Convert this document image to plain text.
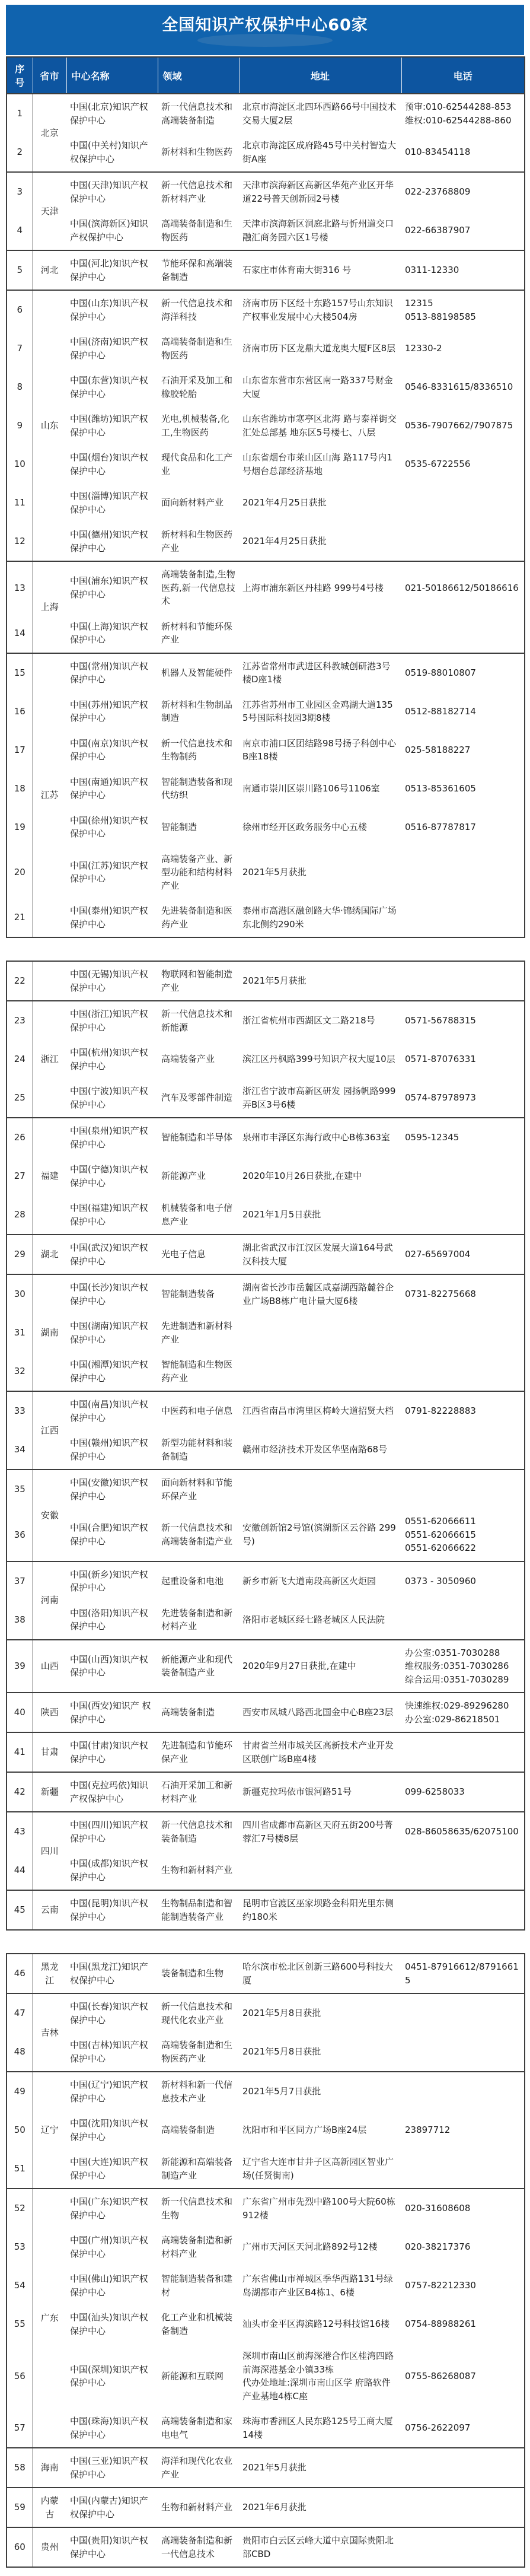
全国知识产权保护中心60家
序号	省市	中心名称	领域	地址	电话
1	北京	中国(北京)知识产权保护中心	新一代信息技术和高端装备制造	北京市海淀区北四环西路66号中国技术交易大厦2层	预审:010-62544288-853
维权:010-62544288-860

2		中国(中关村)知识产权保护中心	新材料和生物医药	北京市海淀区成府路45号中关村智造大街A座	010-83454118

3	天津	中国(天津)知识产权保护中心	新一代信息技术和新材料产业	天津市滨海新区高新区华苑产业区开华道22号普天创新园2号楼	022-23768809

4		中国(滨海新区)知识产权保护中心	高端装备制造和生物医药	天津市滨海新区洞庭北路与忻州道交口融汇商务园六区1号楼	022-66387907

5	河北	中国(河北)知识产权保护中心	节能环保和高端装备制造	石家庄市体育南大街316 号	0311-12330

6	山东	中国(山东)知识产权保护中心	新一代信息技术和海洋科技	济南市历下区经十东路157号山东知识产权事业发展中心大楼504房	12315
0513-88198585

7		中国(济南)知识产权保护中心	高端装备制造和生物医药	济南市历下区龙鼎大道龙奥大厦F区8层	12330-2

8		中国(东营)知识产权保护中心	石油开采及加工和橡胶轮胎	山东省东营市东营区南一路337号财金大厦	0546-8331615/8336510

9		中国(潍坊)知识产权保护中心	光电,机械装备,化工,生物医药	山东省潍坊市寒亭区北海 路与泰祥街交汇处总部基 地东区5号楼七、八层	0536-7907662/7907875

10		中国(烟台)知识产权保护中心	现代食品和化工产业	山东省烟台市莱山区山海 路117号内1号烟台总部经济基地	0535-6722556

11		中国(淄博)知识产权保护中心	面向新材料产业	2021年4月25日获批	
12		中国(德州)知识产权保护中心	新材料和生物医药产业	2021年4月25日获批	
13	上海	中国(浦东)知识产权保护中心	高端装备制造,生物医药,新一代信息技术	上海市浦东新区丹桂路 999号4号楼	021-50186612/50186616

14		中国(上海)知识产权保护中心	新材料和节能环保产业		
15	江苏	中国(常州)知识产权保护中心	机器人及智能硬件	江苏省常州市武进区科教城创研港3号楼D座1楼	0519-88010807

16		中国(苏州)知识产权保护中心	新材料和生物制品制造	江苏省苏州市工业园区金鸡湖大道1355号国际科技园3期8楼	0512-88182714

17		中国(南京)知识产权保护中心	新一代信息技术和生物制药	南京市浦口区团结路98号扬子科创中心B座18楼	025-58188227

18		中国(南通)知识产权保护中心	智能制造装备和现代纺织	南通市崇川区崇川路106号1106室	0513-85361605

19		中国(徐州)知识产权保护中心	智能制造	徐州市经开区政务服务中心五楼	0516-87787817

20		中国(江苏)知识产权保护中心	高端装备产业、新型功能和结构材料产业	2021年5月获批	
21		中国(泰州)知识产权保护中心	先进装备制造和医药产业	泰州市高港区融创路大华·锦绣国际广场东北侧约290米	
22		中国(无锡)知识产权保护中心	物联网和智能制造产业	2021年5月获批	
23	浙江	中国(浙江)知识产权保护中心	新一代信息技术和新能源	浙江省杭州市西湖区文二路218号	0571-56788315

24		中国(杭州)知识产权保护中心	高端装备产业	滨江区丹枫路399号知识产权大厦10层	0571-87076331

25		中国(宁波)知识产权保护中心	汽车及零部件制造	浙江省宁波市高新区研发 园扬帆路999弄B区3号6楼	0574-87978973

26	福建	中国(泉州)知识产权保护中心	智能制造和半导体	泉州市丰泽区东海行政中心B栋363室	0595-12345

27		中国(宁德)知识产权保护中心	新能源产业	2020年10月26日获批,在建中	
28		中国(福建)知识产权保护中心	机械装备和电子信息产业	2021年1月5日获批	
29	湖北	中国(武汉)知识产权保护中心	光电子信息	湖北省武汉市江汉区发展大道164号武汉科技大厦	027-65697004

30	湖南	中国(长沙)知识产权保护中心	智能制造装备	湖南省长沙市岳麓区咸嘉湖西路麓谷企业广场B8栋广电计量大厦6楼	0731-82275668

31		中国(湖南)知识产权保护中心	先进制造和新材料产业		
32		中国(湘潭)知识产权保护中心	智能制造和生物医药产业		
33	江西	中国(南昌)知识产权保护中心	中医药和电子信息	江西省南昌市湾里区梅岭大道招贤大档	0791-82228883

34		中国(赣州)知识产权保护中心	新型功能材料和装备制造	赣州市经济技术开发区华坚南路68号	
35	安徽	中国(安徽)知识产权保护中心	面向新材料和节能环保产业		
36		中国(合肥)知识产权保护中心	新一代信息技术和高端装备制造产业	安徽创新馆2号馆(滨湖新区云谷路 299 号)	0551-62066611
0551-62066615
0551-62066622

37	河南	中国(新乡)知识产权保护中心	起重设备和电池	新乡市新飞大道南段高新区火炬园	0373 - 3050960

38		中国(洛阳)知识产权保护中心	先进装备制造和新材料产业	洛阳市老城区经七路老城区人民法院	
39	山西	中国(山西)知识产权保护中心	新能源产业和现代装备制造产业	2020年9月27日获批,在建中	办公室:0351-7030288
维权服务:0351-7030286
综合运用:0351-7030289

40	陕西	中国(西安)知识产 权保护中心	高端装备制造	西安市凤城八路西北国金中心B座23层	快速维权:029-89296280
办公室:029-86218501

41	甘肃	中国(甘肃)知识产权保护中心	先进制造和节能环保产业	甘肃省兰州市城关区高新技术产业开发区联创广场B座4楼	
42	新疆	中国(克拉玛依)知识产权保护中心	石油开采加工和新材料产业	新疆克拉玛依市银河路51号	099-6258033

43	四川	中国(四川)知识产权保护中心	新一代信息技术和装备制造	四川省成都市高新区天府五街200号菁蓉汇7号楼8层	028-86058635/62075100

44		中国(成都)知识产权保护中心	生物和新材料产业		
45	云南	中国(昆明)知识产权保护中心	生物制品制造和智能制造装备产业	昆明市官渡区巫家坝路金科阳光里东侧约180米	
46	黑龙江	中国(黑龙江)知识产权保护中心	装备制造和生物	哈尔滨市松北区创新三路600号科技大厦	0451-87916612/87916615

47	吉林	中国(长春)知识产权保护中心	新一代信息技术和现代化农业产业	2021年5月8日获批	
48		中国(吉林)知识产权保护中心	高端装备制造和生物医药产业	2021年5月8日获批	
49	辽宁	中国(辽宁)知识产权保护中心	新材料和新一代信息技术产业	2021年5月7日获批	
50		中国(沈阳)知识产权保护中心	高端装备制造	沈阳市和平区同方广场B座24层	23897712

51		中国(大连)知识产权保护中心	新能源和高端装备制造产业	辽宁省大连市甘井子区高新园区智业广场(任贤街南)	
52	广东	中国(广东)知识产权保护中心	新一代信息技术和生物	广东省广州市先烈中路100号大院60栋912楼	020-31608608

53		中国(广州)知识产权保护中心	高端装备制造和新材料产业	广州市天河区天河北路892号12楼	020-38217376

54		中国(佛山)知识产权保护中心	智能制造装备和建材	广东省佛山市禅城区季华西路131号绿岛湖都市产业区B4栋1、6楼	0757-82212330

55		中国(汕头)知识产权保护中心	化工产业和机械装备制造	汕头市金平区海滨路12号科技馆16楼	0754-88988261

56		中国(深圳)知识产权保护中心	新能源和互联网	深圳市南山区前海深港合作区桂湾四路前海深港基金小镇33栋
代办处地址:深圳市南山区学 府路软件产业基地4栋C座	0755-86268087

57		中国(珠海)知识产权保护中心	高端装备制造和家电电气	珠海市香洲区人民东路125号工商大厦14楼	0756-2622097

58	海南	中国(三亚)知识产权保护中心	海洋和现代化农业产业	2021年5月获批	
59	内蒙古	中国(内蒙古)知识产权保护中心	生物和新材料产业	2021年6月获批	
60	贵州	中国(贵阳)知识产权保护中心	高端装备制造和新一代信息技术	贵阳市白云区云峰大道中京国际贵阳北部CBD	
